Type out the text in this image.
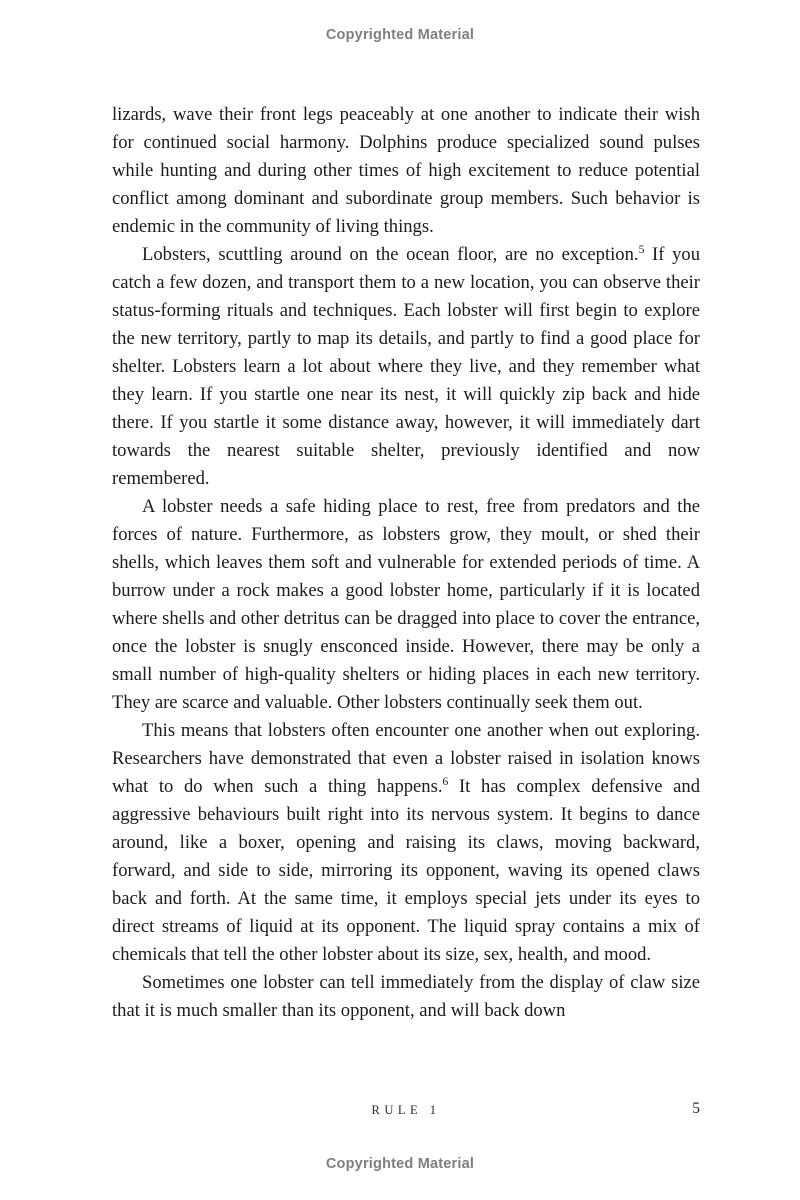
Copyrighted Material

lizards, wave their front legs peaceably at one another to indicate their wish for continued social harmony. Dolphins produce specialized sound pulses while hunting and during other times of high excitement to reduce potential conflict among dominant and subordinate group members. Such behavior is endemic in the community of living things.

Lobsters, scuttling around on the ocean floor, are no exception.$^5$ If you catch a few dozen, and transport them to a new location, you can observe their status-forming rituals and techniques. Each lobster will first begin to explore the new territory, partly to map its details, and partly to find a good place for shelter. Lobsters learn a lot about where they live, and they remember what they learn. If you startle one near its nest, it will quickly zip back and hide there. If you startle it some distance away, however, it will immediately dart towards the nearest suitable shelter, previously identified and now remembered.

A lobster needs a safe hiding place to rest, free from predators and the forces of nature. Furthermore, as lobsters grow, they moult, or shed their shells, which leaves them soft and vulnerable for extended periods of time. A burrow under a rock makes a good lobster home, particularly if it is located where shells and other detritus can be dragged into place to cover the entrance, once the lobster is snugly ensconced inside. However, there may be only a small number of high-quality shelters or hiding places in each new territory. They are scarce and valuable. Other lobsters continually seek them out.

This means that lobsters often encounter one another when out exploring. Researchers have demonstrated that even a lobster raised in isolation knows what to do when such a thing happens.$^6$ It has complex defensive and aggressive behaviours built right into its nervous system. It begins to dance around, like a boxer, opening and raising its claws, moving backward, forward, and side to side, mirroring its opponent, waving its opened claws back and forth. At the same time, it employs special jets under its eyes to direct streams of liquid at its opponent. The liquid spray contains a mix of chemicals that tell the other lobster about its size, sex, health, and mood.

Sometimes one lobster can tell immediately from the display of claw size that it is much smaller than its opponent, and will back down

RULE 1	5
Copyrighted Material
